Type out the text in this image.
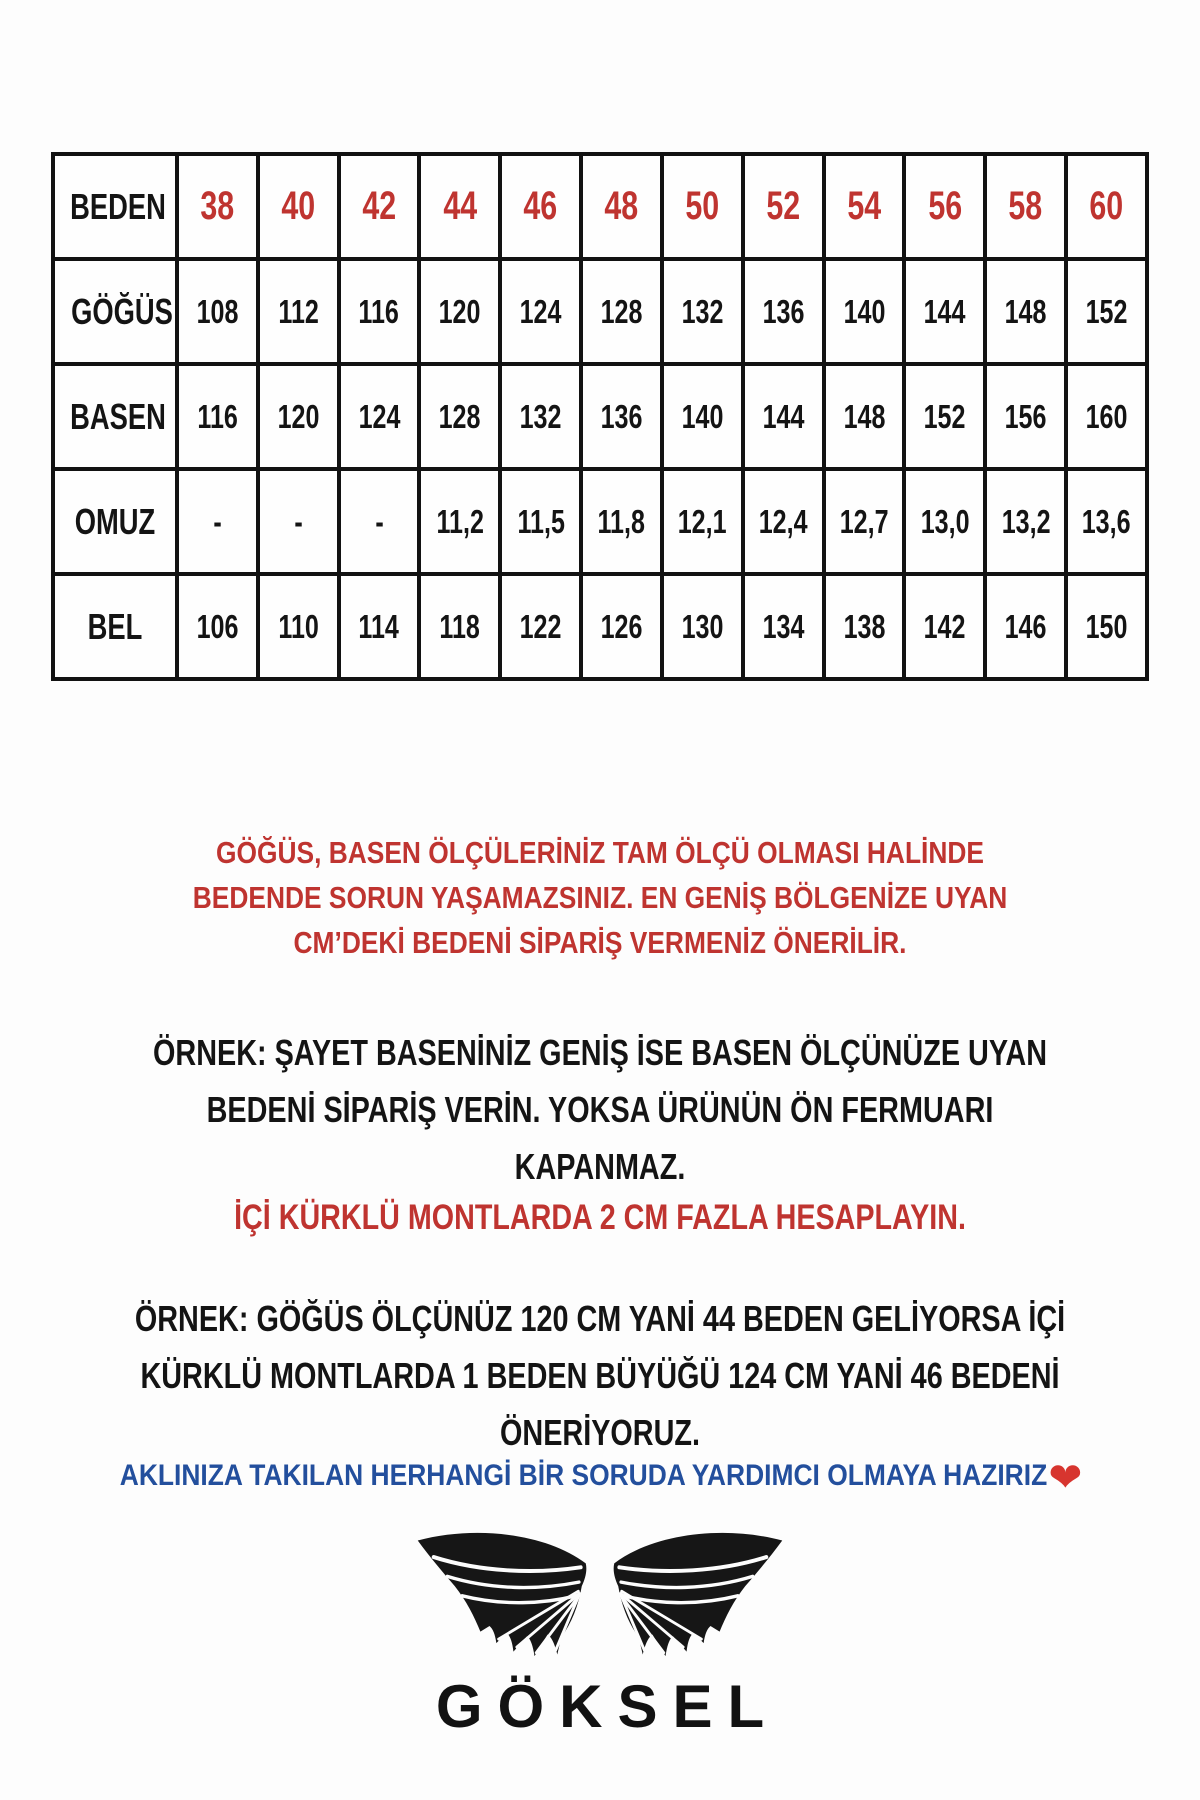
BEDEN	38	40	42	44	46	48	50	52	54	56	58	60
GÖĞÜS	108	112	116	120	124	128	132	136	140	144	148	152
BASEN	116	120	124	128	132	136	140	144	148	152	156	160
OMUZ	-	-	-	11,2	11,5	11,8	12,1	12,4	12,7	13,0	13,2	13,6
BEL	106	110	114	118	122	126	130	134	138	142	146	150
GÖĞÜS, BASEN ÖLÇÜLERİNİZ TAM ÖLÇÜ OLMASI HALİNDE
BEDENDE SORUN YAŞAMAZSINIZ. EN GENİŞ BÖLGENİZE UYAN
CM’DEKİ BEDENİ SİPARİŞ VERMENİZ ÖNERİLİR.
ÖRNEK: ŞAYET BASENİNİZ GENİŞ İSE BASEN ÖLÇÜNÜZE UYAN
BEDENİ SİPARİŞ VERİN. YOKSA ÜRÜNÜN ÖN FERMUARI
KAPANMAZ.
İÇİ KÜRKLÜ MONTLARDA 2 CM FAZLA HESAPLAYIN.
ÖRNEK: GÖĞÜS ÖLÇÜNÜZ 120 CM YANİ 44 BEDEN GELİYORSA İÇİ
KÜRKLÜ MONTLARDA 1 BEDEN BÜYÜĞÜ 124 CM YANİ 46 BEDENİ
ÖNERİYORUZ.
AKLINIZA TAKILAN HERHANGİ BİR SORUDA YARDIMCI OLMAYA HAZIRIZ❤
GÖKSEL
